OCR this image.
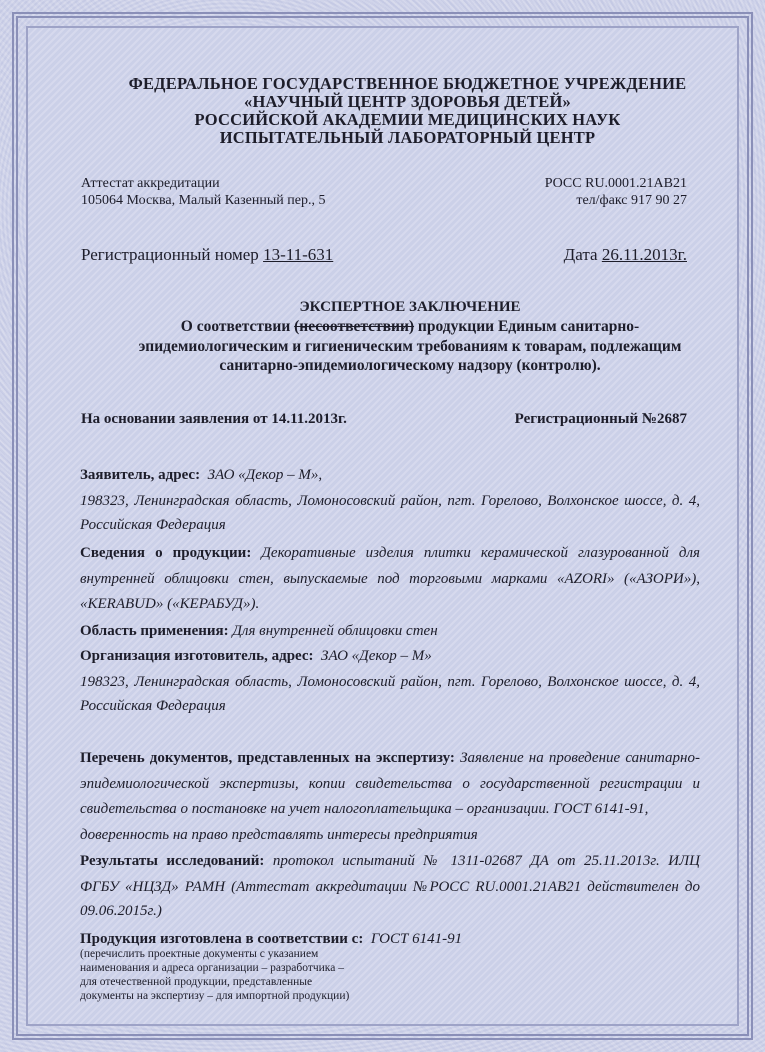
ФЕДЕРАЛЬНОЕ ГОСУДАРСТВЕННОЕ БЮДЖЕТНОЕ УЧРЕЖДЕНИЕ
«НАУЧНЫЙ ЦЕНТР ЗДОРОВЬЯ ДЕТЕЙ»
РОССИЙСКОЙ АКАДЕМИИ МЕДИЦИНСКИХ НАУК
ИСПЫТАТЕЛЬНЫЙ ЛАБОРАТОРНЫЙ ЦЕНТР
Аттестат аккредитации
105064 Москва, Малый Казенный пер., 5
РОСС RU.0001.21АВ21
тел/факс 917 90 27
Регистрационный номер 13-11-631	Дата 26.11.2013г.
ЭКСПЕРТНОЕ ЗАКЛЮЧЕНИЕ
О соответствии (несоответствии) продукции Единым санитарно-
эпидемиологическим и гигиеническим требованиям к товарам, подлежащим
санитарно-эпидемиологическому надзору (контролю).
На основании заявления от 14.11.2013г.	Регистрационный №2687
Заявитель, адрес: ЗАО «Декор – М»,
198323, Ленинградская область, Ломоносовский район, пгт. Горелово, Волхонское шоссе, д. 4,
Российская Федерация
Сведения о продукции: Декоративные изделия плитки керамической глазурованной для
внутренней облицовки стен, выпускаемые под торговыми марками «AZORI» («АЗОРИ»),
«KERABUD» («КЕРАБУД»).
Область применения: Для внутренней облицовки стен
Организация изготовитель, адрес: ЗАО «Декор – М»
198323, Ленинградская область, Ломоносовский район, пгт. Горелово, Волхонское шоссе, д. 4,
Российская Федерация
Перечень документов, представленных на экспертизу: Заявление на проведение санитарно-
эпидемиологической экспертизы, копии свидетельства о государственной регистрации и
свидетельства о постановке на учет налогоплательщика – организации. ГОСТ 6141-91,
доверенность на право представлять интересы предприятия
Результаты исследований: протокол испытаний № 1311-02687 ДА от 25.11.2013г. ИЛЦ
ФГБУ «НЦЗД» РАМН (Аттестат аккредитации №РОСС RU.0001.21АВ21 действителен до
09.06.2015г.)
Продукция изготовлена в соответствии с: ГОСТ 6141-91
(перечислить проектные документы с указанием
наименования и адреса организации – разработчика –
для отечественной продукции, представленные
документы на экспертизу – для импортной продукции)
